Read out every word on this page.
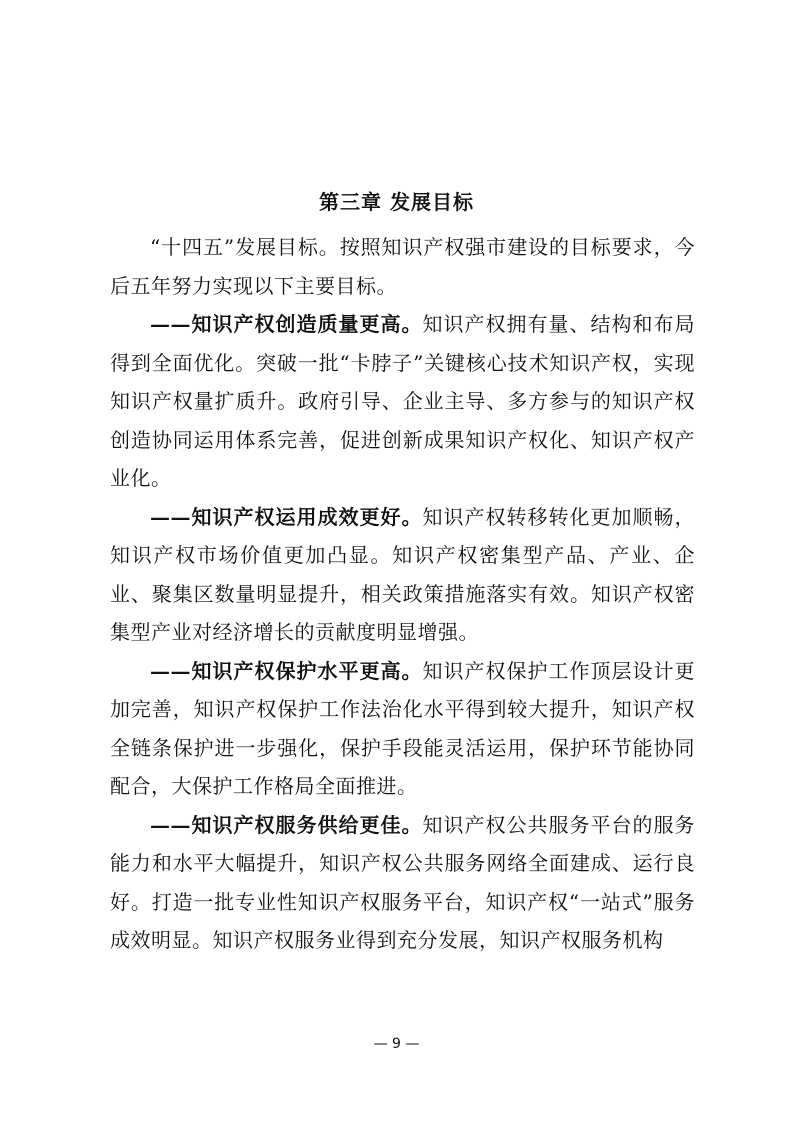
第三章 发展目标

“十四五”发展目标。按照知识产权强市建设的目标要求，今后五年努力实现以下主要目标。

——知识产权创造质量更高。知识产权拥有量、结构和布局得到全面优化。突破一批“卡脖子”关键核心技术知识产权，实现知识产权量扩质升。政府引导、企业主导、多方参与的知识产权创造协同运用体系完善，促进创新成果知识产权化、知识产权产业化。

——知识产权运用成效更好。知识产权转移转化更加顺畅，知识产权市场价值更加凸显。知识产权密集型产品、产业、企业、聚集区数量明显提升，相关政策措施落实有效。知识产权密集型产业对经济增长的贡献度明显增强。

——知识产权保护水平更高。知识产权保护工作顶层设计更加完善，知识产权保护工作法治化水平得到较大提升，知识产权全链条保护进一步强化，保护手段能灵活运用，保护环节能协同配合，大保护工作格局全面推进。

——知识产权服务供给更佳。知识产权公共服务平台的服务能力和水平大幅提升，知识产权公共服务网络全面建成、运行良好。打造一批专业性知识产权服务平台，知识产权“一站式”服务成效明显。知识产权服务业得到充分发展，知识产权服务机构

— 9 —
